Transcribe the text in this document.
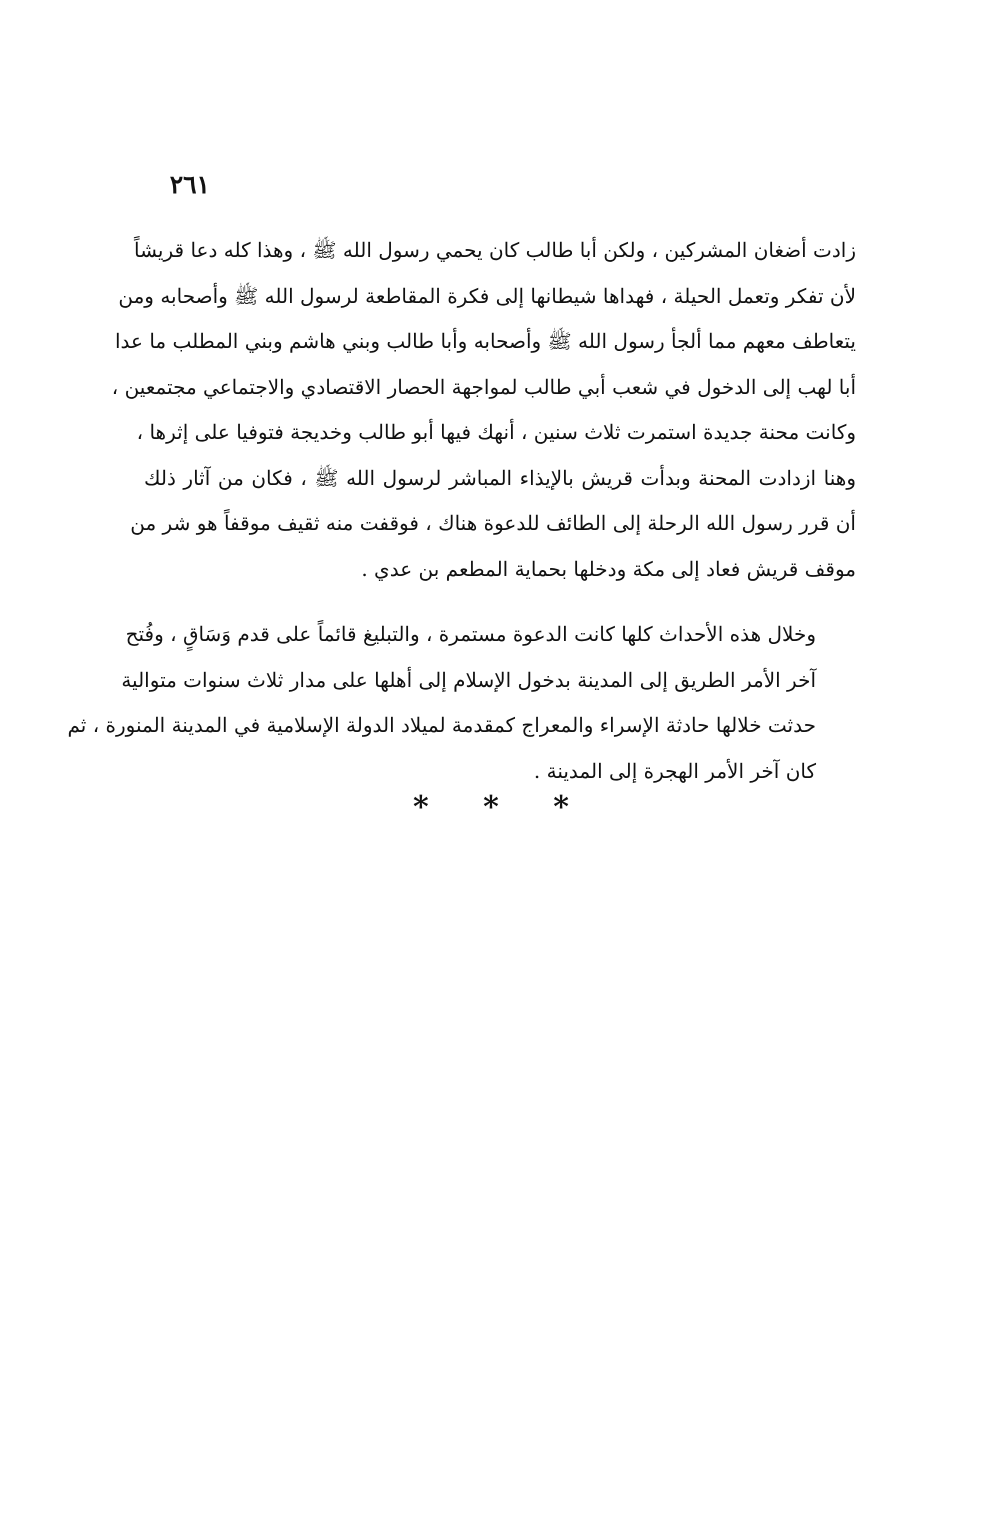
٢٦١

زادت أضغان المشركين ، ولكن أبا طالب كان يحمي رسول الله ﷺ ، وهذا كله دعا قريشاً
لأن تفكر وتعمل الحيلة ، فهداها شيطانها إلى فكرة المقاطعة لرسول الله ﷺ وأصحابه ومن
يتعاطف معهم مما ألجأ رسول الله ﷺ وأصحابه وأبا طالب وبني هاشم وبني المطلب ما عدا
أبا لهب إلى الدخول في شعب أبي طالب لمواجهة الحصار الاقتصادي والاجتماعي مجتمعين ،
وكانت محنة جديدة استمرت ثلاث سنين ، أنهك فيها أبو طالب وخديجة فتوفيا على إثرها ،
وهنا ازدادت المحنة وبدأت قريش بالإيذاء المباشر لرسول الله ﷺ ، فكان من آثار ذلك
أن قرر رسول الله الرحلة إلى الطائف للدعوة هناك ، فوقفت منه ثقيف موقفاً هو شر من
موقف قريش فعاد إلى مكة ودخلها بحماية المطعم بن عدي .

وخلال هذه الأحداث كلها كانت الدعوة مستمرة ، والتبليغ قائماً على قدم وَسَاقٍ ، وفُتح
آخر الأمر الطريق إلى المدينة بدخول الإسلام إلى أهلها على مدار ثلاث سنوات متوالية
حدثت خلالها حادثة الإسراء والمعراج كمقدمة لميلاد الدولة الإسلامية في المدينة المنورة ، ثم
كان آخر الأمر الهجرة إلى المدينة .

* * *
